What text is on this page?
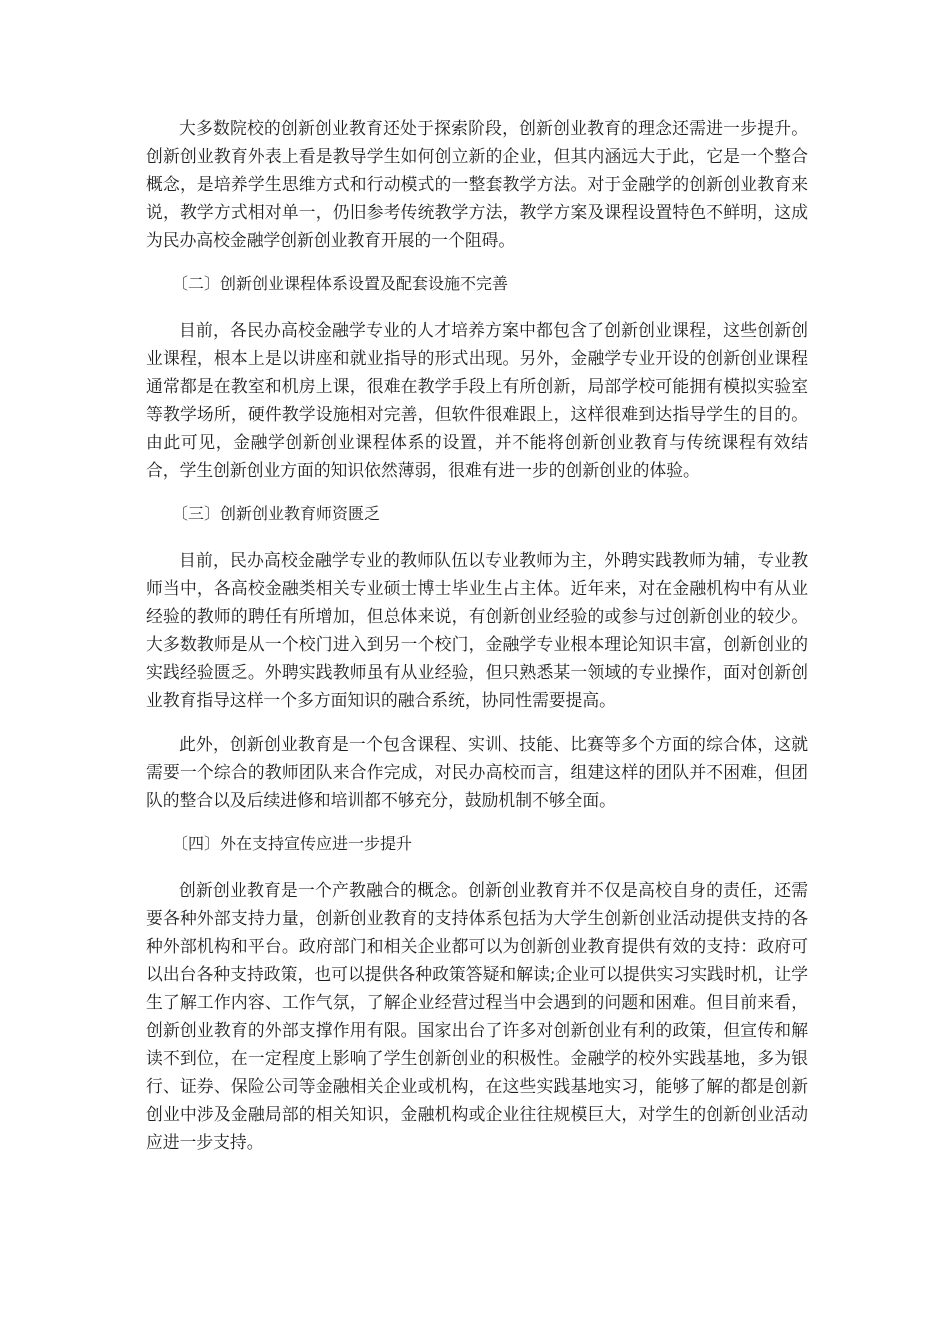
大多数院校的创新创业教育还处于探索阶段，创新创业教育的理念还需进一步提升。创新创业教育外表上看是教导学生如何创立新的企业，但其内涵远大于此，它是一个整合概念，是培养学生思维方式和行动模式的一整套教学方法。对于金融学的创新创业教育来说，教学方式相对单一，仍旧参考传统教学方法，教学方案及课程设置特色不鲜明，这成为民办高校金融学创新创业教育开展的一个阻碍。

〔二〕创新创业课程体系设置及配套设施不完善

目前，各民办高校金融学专业的人才培养方案中都包含了创新创业课程，这些创新创业课程，根本上是以讲座和就业指导的形式出现。另外，金融学专业开设的创新创业课程通常都是在教室和机房上课，很难在教学手段上有所创新，局部学校可能拥有模拟实验室等教学场所，硬件教学设施相对完善，但软件很难跟上，这样很难到达指导学生的目的。由此可见，金融学创新创业课程体系的设置，并不能将创新创业教育与传统课程有效结合，学生创新创业方面的知识依然薄弱，很难有进一步的创新创业的体验。

〔三〕创新创业教育师资匮乏

目前，民办高校金融学专业的教师队伍以专业教师为主，外聘实践教师为辅，专业教师当中，各高校金融类相关专业硕士博士毕业生占主体。近年来，对在金融机构中有从业经验的教师的聘任有所增加，但总体来说，有创新创业经验的或参与过创新创业的较少。大多数教师是从一个校门进入到另一个校门，金融学专业根本理论知识丰富，创新创业的实践经验匮乏。外聘实践教师虽有从业经验，但只熟悉某一领域的专业操作，面对创新创业教育指导这样一个多方面知识的融合系统，协同性需要提高。

此外，创新创业教育是一个包含课程、实训、技能、比赛等多个方面的综合体，这就需要一个综合的教师团队来合作完成，对民办高校而言，组建这样的团队并不困难，但团队的整合以及后续进修和培训都不够充分，鼓励机制不够全面。

〔四〕外在支持宣传应进一步提升

创新创业教育是一个产教融合的概念。创新创业教育并不仅是高校自身的责任，还需要各种外部支持力量，创新创业教育的支持体系包括为大学生创新创业活动提供支持的各种外部机构和平台。政府部门和相关企业都可以为创新创业教育提供有效的支持：政府可以出台各种支持政策，也可以提供各种政策答疑和解读;企业可以提供实习实践时机，让学生了解工作内容、工作气氛，了解企业经营过程当中会遇到的问题和困难。但目前来看，创新创业教育的外部支撑作用有限。国家出台了许多对创新创业有利的政策，但宣传和解读不到位，在一定程度上影响了学生创新创业的积极性。金融学的校外实践基地，多为银行、证券、保险公司等金融相关企业或机构，在这些实践基地实习，能够了解的都是创新创业中涉及金融局部的相关知识，金融机构或企业往往规模巨大，对学生的创新创业活动应进一步支持。
